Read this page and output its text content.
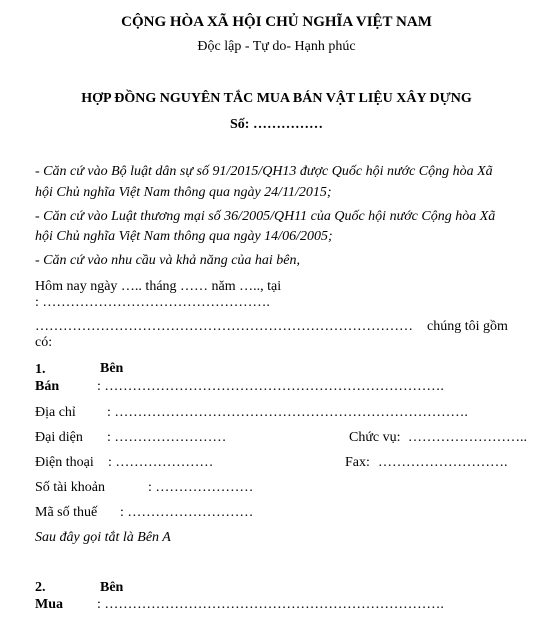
CỘNG HÒA XÃ HỘI CHỦ NGHĨA VIỆT NAM
Độc lập - Tự do- Hạnh phúc
HỢP ĐỒNG NGUYÊN TẮC MUA BÁN VẬT LIỆU XÂY DỰNG
Số: ……………
- Căn cứ vào Bộ luật dân sự số 91/2015/QH13 được Quốc hội nước Cộng hòa Xã
hội Chủ nghĩa Việt Nam thông qua ngày 24/11/2015;
- Căn cứ vào Luật thương mại số 36/2005/QH11 của Quốc hội nước Cộng hòa Xã
hội Chủ nghĩa Việt Nam thông qua ngày 14/06/2005;
- Căn cứ vào nhu cầu và khả năng của hai bên,
Hôm nay ngày ….. tháng …… năm ….., tại
: ………………………………………….
……………………………………………………………………… chúng tôi gồm
có:
1.	Bên
Bán	: ……………………………………………………………….
Địa chỉ : ………………………………………………………………….
Đại diện : ……………………	Chức vụ: ……………………..
Điện thoại : …………………	Fax: ……………………….
Số tài khoản	: …………………
Mã số thuế : ………………………
Sau đây gọi tắt là Bên A
2.	Bên
Mua : ……………………………………………………………….
